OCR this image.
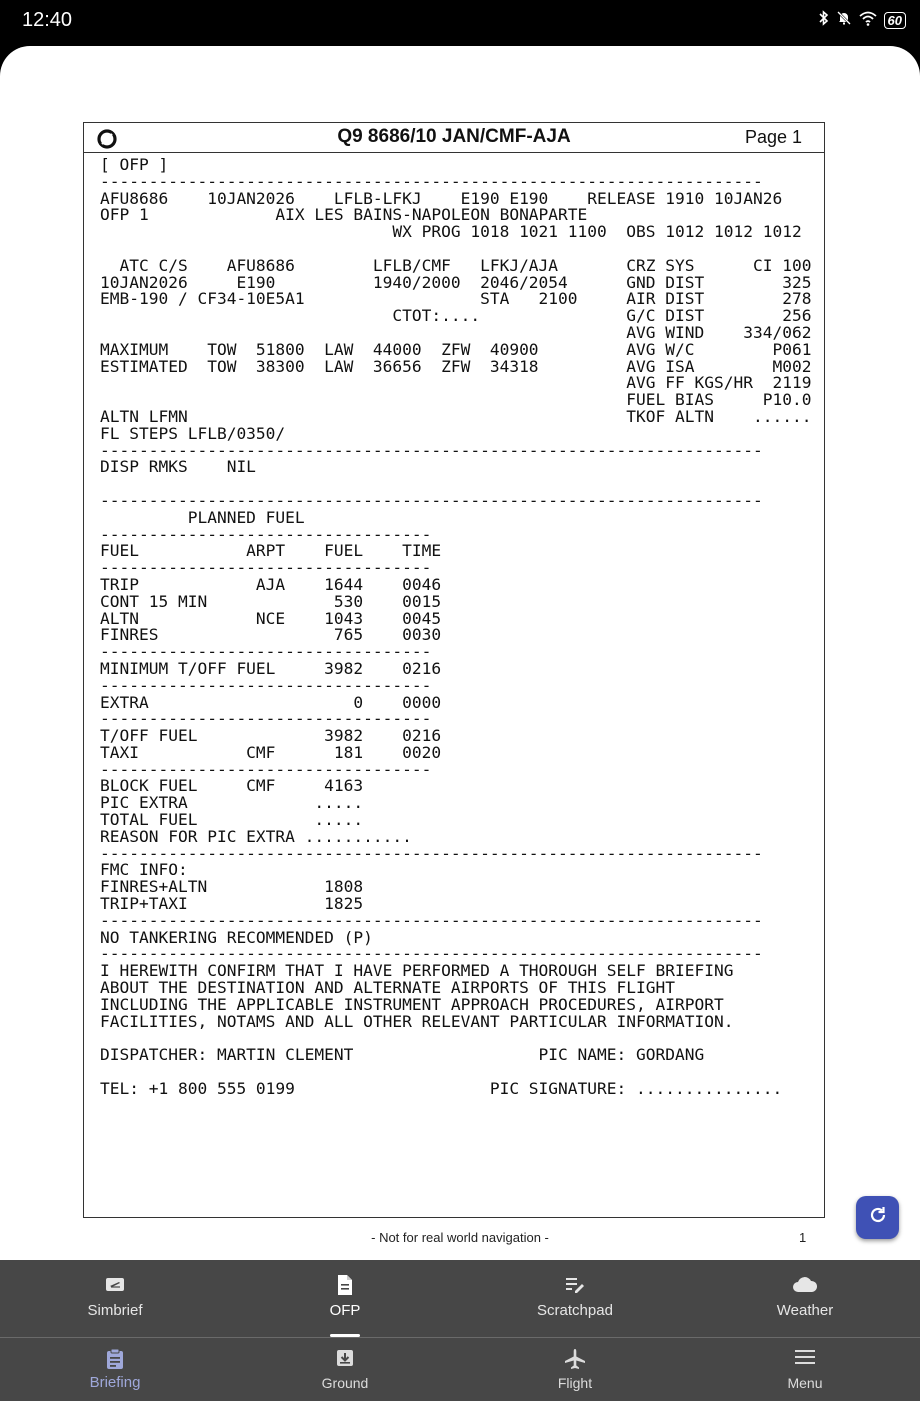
12:40	60
Q9 8686/10 JAN/CMF-AJA	Page 1
[ OFP ]
--------------------------------------------------------------------
AFU8686    10JAN2026    LFLB-LFKJ    E190 E190    RELEASE 1910 10JAN26
OFP 1             AIX LES BAINS-NAPOLEON BONAPARTE
WX PROG 1018 1021 1100  OBS 1012 1012 1012

ATC C/S    AFU8686        LFLB/CMF   LFKJ/AJA       CRZ SYS      CI 100
10JAN2026     E190          1940/2000  2046/2054      GND DIST        325
EMB-190 / CF34-10E5A1                  STA   2100     AIR DIST        278
CTOT:....               G/C DIST        256
AVG WIND    334/062
MAXIMUM    TOW  51800  LAW  44000  ZFW  40900         AVG W/C        P061
ESTIMATED  TOW  38300  LAW  36656  ZFW  34318         AVG ISA        M002
AVG FF KGS/HR  2119
FUEL BIAS     P10.0
ALTN LFMN                                             TKOF ALTN    ......
FL STEPS LFLB/0350/
--------------------------------------------------------------------
DISP RMKS    NIL

--------------------------------------------------------------------
PLANNED FUEL
----------------------------------
FUEL           ARPT    FUEL    TIME
----------------------------------
TRIP            AJA    1644    0046
CONT 15 MIN             530    0015
ALTN            NCE    1043    0045
FINRES                  765    0030
----------------------------------
MINIMUM T/OFF FUEL     3982    0216
----------------------------------
EXTRA                     0    0000
----------------------------------
T/OFF FUEL             3982    0216
TAXI           CMF      181    0020
----------------------------------
BLOCK FUEL     CMF     4163
PIC EXTRA             .....
TOTAL FUEL            .....
REASON FOR PIC EXTRA ...........
--------------------------------------------------------------------
FMC INFO:
FINRES+ALTN            1808
TRIP+TAXI              1825
--------------------------------------------------------------------
NO TANKERING RECOMMENDED (P)
--------------------------------------------------------------------
I HEREWITH CONFIRM THAT I HAVE PERFORMED A THOROUGH SELF BRIEFING
ABOUT THE DESTINATION AND ALTERNATE AIRPORTS OF THIS FLIGHT
INCLUDING THE APPLICABLE INSTRUMENT APPROACH PROCEDURES, AIRPORT
FACILITIES, NOTAMS AND ALL OTHER RELEVANT PARTICULAR INFORMATION.

DISPATCHER: MARTIN CLEMENT                   PIC NAME: GORDANG

TEL: +1 800 555 0199                    PIC SIGNATURE: ...............
- Not for real world navigation -	1
Simbrief	OFP	Scratchpad	Weather
Briefing	Ground	Flight	Menu
